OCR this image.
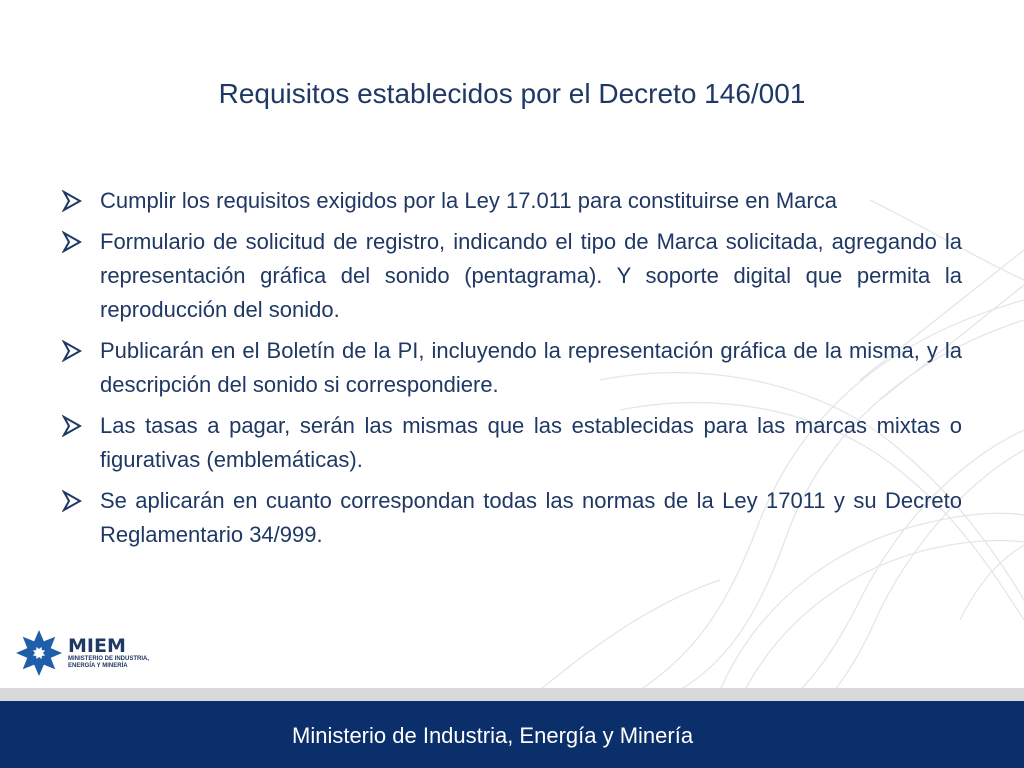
Requisitos establecidos por el Decreto 146/001
Cumplir los requisitos exigidos por la Ley 17.011 para constituirse en Marca
Formulario de solicitud de registro, indicando el tipo de Marca solicitada, agregando la representación gráfica del sonido (pentagrama). Y soporte digital que permita la reproducción del sonido.
Publicarán en el Boletín de la PI, incluyendo la representación gráfica de la misma, y la descripción del sonido si correspondiere.
Las tasas a pagar, serán las mismas que las establecidas para las marcas mixtas o figurativas (emblemáticas).
Se aplicarán en cuanto correspondan todas las normas de la Ley 17011 y su Decreto Reglamentario 34/999.
MIEM
MINISTERIO DE INDUSTRIA,
ENERGÍA Y MINERÍA
Ministerio de Industria, Energía y Minería
